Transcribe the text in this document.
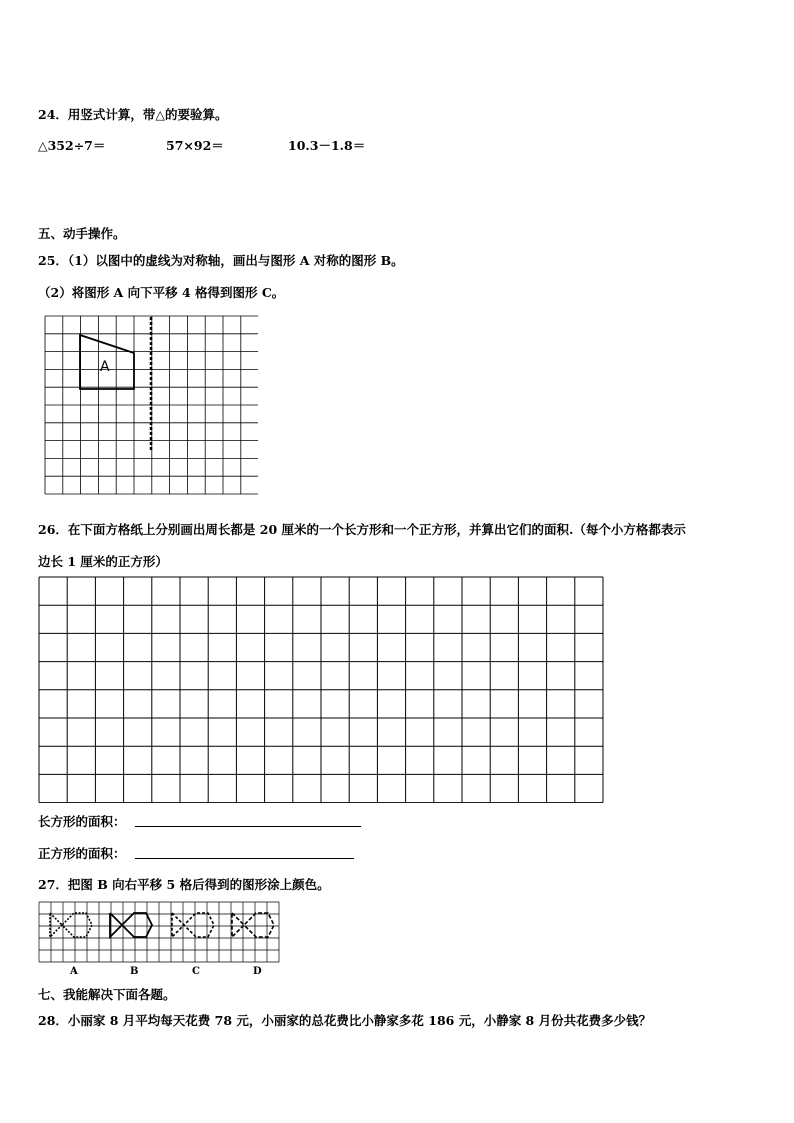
24．用竖式计算，带△的要验算。
△352÷7＝	57×92＝	10.3－1.8＝
五、动手操作。
25．（1）以图中的虚线为对称轴，画出与图形 A 对称的图形 B。
（2）将图形 A 向下平移 4 格得到图形 C。
A
26．在下面方格纸上分别画出周长都是 20 厘米的一个长方形和一个正方形，并算出它们的面积.（每个小方格都表示
边长 1 厘米的正方形）
长方形的面积：
正方形的面积：
27．把图 B 向右平移 5 格后得到的图形涂上颜色。
A	B	C	D
七、我能解决下面各题。
28．小丽家 8 月平均每天花费 78 元，小丽家的总花费比小静家多花 186 元，小静家 8 月份共花费多少钱？
